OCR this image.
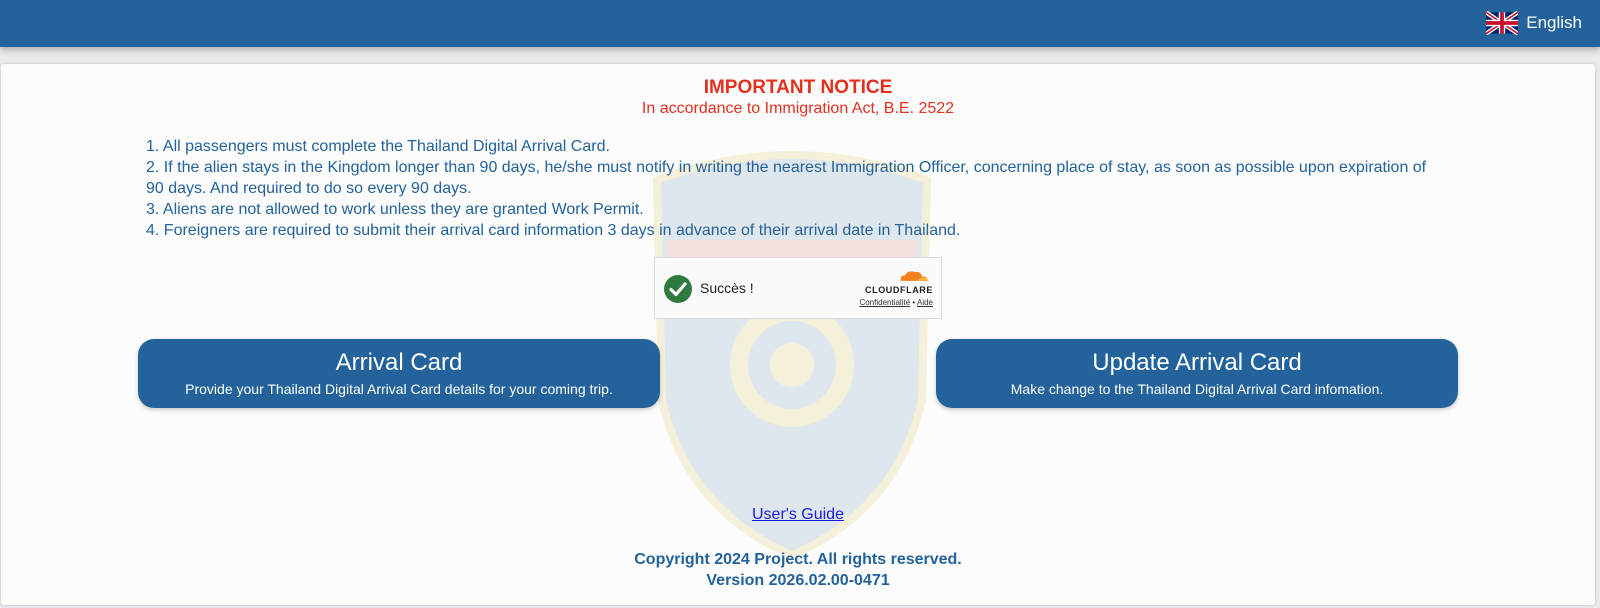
English
IMPORTANT NOTICE
In accordance to Immigration Act, B.E. 2522
1. All passengers must complete the Thailand Digital Arrival Card.
2. If the alien stays in the Kingdom longer than 90 days, he/she must notify in writing the nearest Immigration Officer, concerning place of stay, as soon as possible upon expiration of 90 days. And required to do so every 90 days.
3. Aliens are not allowed to work unless they are granted Work Permit.
4. Foreigners are required to submit their arrival card information 3 days in advance of their arrival date in Thailand.
Succès !	CLOUDFLARE
Confidentialité • Aide
Arrival Card
Provide your Thailand Digital Arrival Card details for your coming trip.
Update Arrival Card
Make change to the Thailand Digital Arrival Card infomation.
User's Guide
Copyright 2024 Project. All rights reserved.
Version 2026.02.00-0471
